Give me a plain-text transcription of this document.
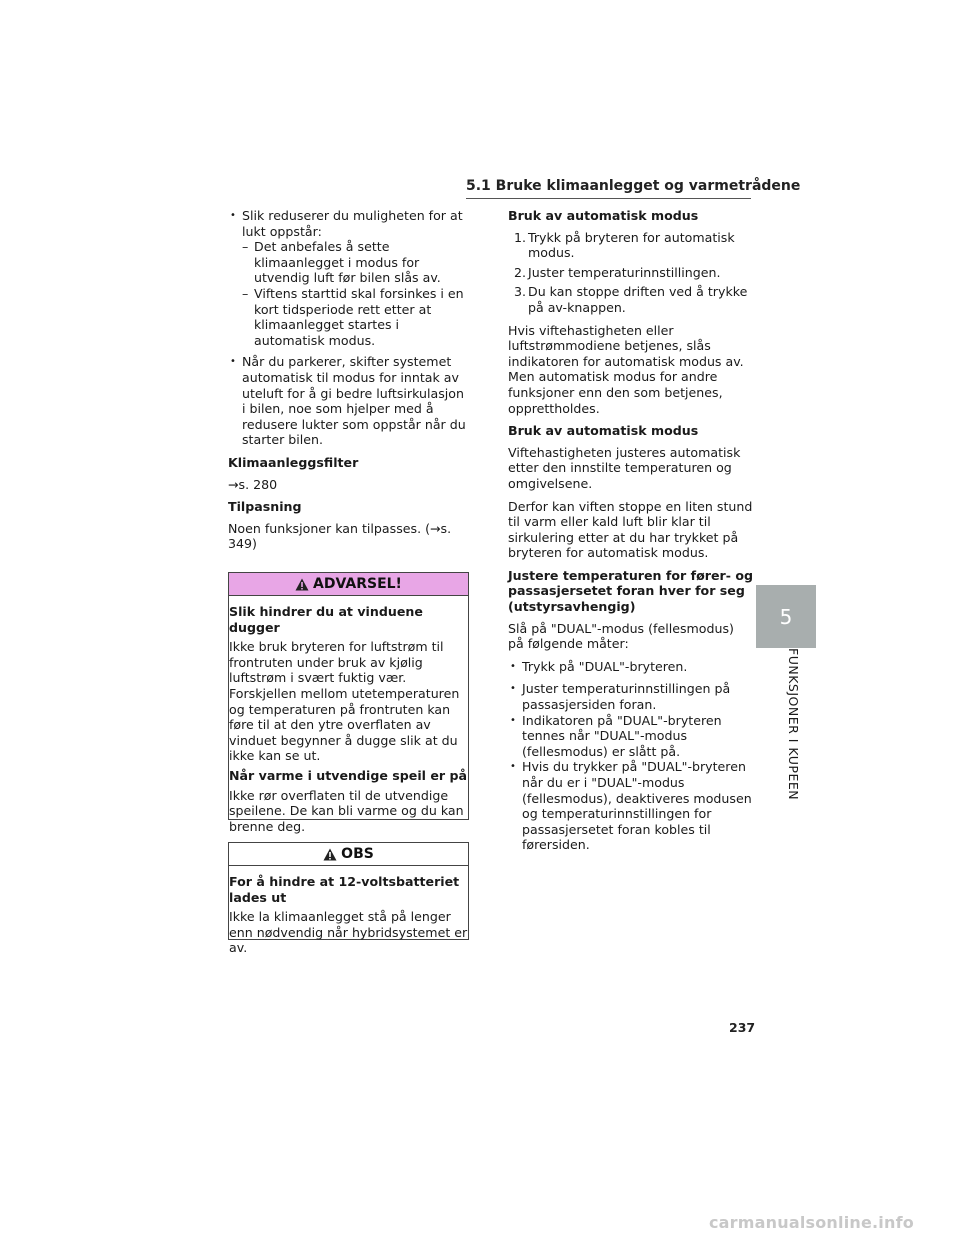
5.1 Bruke klimaanlegget og varmetrådene
• Slik reduserer du muligheten for at lukt oppstår:
– Det anbefales å sette klimaanlegget i modus for utvendig luft før bilen slås av.
– Viftens starttid skal forsinkes i en kort tidsperiode rett etter at klimaanlegget startes i automatisk modus.
• Når du parkerer, skifter systemet automatisk til modus for inntak av uteluft for å gi bedre luftsirkulasjon i bilen, noe som hjelper med å redusere lukter som oppstår når du starter bilen.

Klimaanleggsfilter

→s. 280

Tilpasning

Noen funksjoner kan tilpasses. (→s. 349)

ADVARSEL!

Slik hindrer du at vinduene dugger

Ikke bruk bryteren for luftstrøm til frontruten under bruk av kjølig luftstrøm i svært fuktig vær. Forskjellen mellom utetemperaturen og temperaturen på frontruten kan føre til at den ytre overflaten av vinduet begynner å dugge slik at du ikke kan se ut.

Når varme i utvendige speil er på

Ikke rør overflaten til de utvendige speilene. De kan bli varme og du kan brenne deg.

OBS

For å hindre at 12-voltsbatteriet lades ut

Ikke la klimaanlegget stå på lenger enn nødvendig når hybridsystemet er av.

Bruk av automatisk modus

1. Trykk på bryteren for automatisk modus.
2. Juster temperaturinnstillingen.
3. Du kan stoppe driften ved å trykke på av-knappen.

Hvis viftehastigheten eller luftstrømmodiene betjenes, slås indikatoren for automatisk modus av. Men automatisk modus for andre funksjoner enn den som betjenes, opprettholdes.

Bruk av automatisk modus

Viftehastigheten justeres automatisk etter den innstilte temperaturen og omgivelsene.

Derfor kan viften stoppe en liten stund til varm eller kald luft blir klar til sirkulering etter at du har trykket på bryteren for automatisk modus.

Justere temperaturen for fører- og passasjersetet foran hver for seg (utstyrsavhengig)

Slå på "DUAL"-modus (fellesmodus) på følgende måter:

• Trykk på "DUAL"-bryteren.
• Juster temperaturinnstillingen på passasjersiden foran.
• Indikatoren på "DUAL"-bryteren tennes når "DUAL"-modus (fellesmodus) er slått på.
• Hvis du trykker på "DUAL"-bryteren når du er i "DUAL"-modus (fellesmodus), deaktiveres modusen og temperaturinnstillingen for passasjersetet foran kobles til førersiden.
5
FUNKSJONER I KUPEEN
237
carmanualsonline.info
